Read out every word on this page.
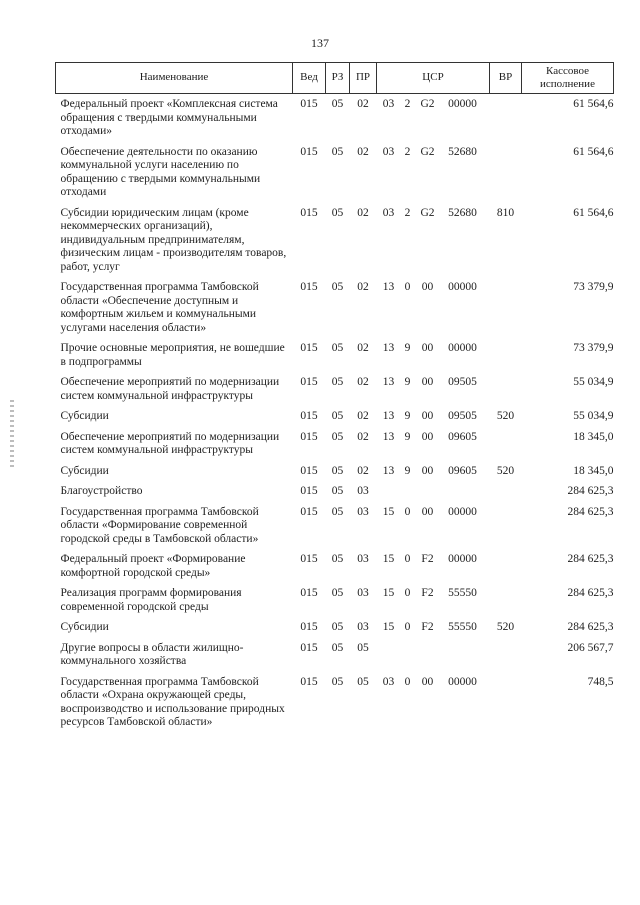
137
Наименование	Вед	РЗ	ПР	ЦСР	ВР	Кассовое исполнение
Федеральный проект «Комплексная система обращения с твердыми коммунальными отходами»	015	05	02	03 2 G2 00000		61 564,6
Обеспечение деятельности по оказанию коммунальной услуги населению по обращению с твердыми коммунальными отходами	015	05	02	03 2 G2 52680		61 564,6
Субсидии юридическим лицам (кроме некоммерческих организаций), индивидуальным предпринимателям, физическим лицам - производителям товаров, работ, услуг	015	05	02	03 2 G2 52680	810	61 564,6
Государственная программа Тамбовской области «Обеспечение доступным и комфортным жильем и коммунальными услугами населения области»	015	05	02	13 0 00 00000		73 379,9
Прочие основные мероприятия, не вошедшие в подпрограммы	015	05	02	13 9 00 00000		73 379,9
Обеспечение мероприятий по модернизации систем коммунальной инфраструктуры	015	05	02	13 9 00 09505		55 034,9
Субсидии	015	05	02	13 9 00 09505	520	55 034,9
Обеспечение мероприятий по модернизации систем коммунальной инфраструктуры	015	05	02	13 9 00 09605		18 345,0
Субсидии	015	05	02	13 9 00 09605	520	18 345,0
Благоустройство	015	05	03			284 625,3
Государственная программа Тамбовской области «Формирование современной городской среды в Тамбовской области»	015	05	03	15 0 00 00000		284 625,3
Федеральный проект «Формирование комфортной городской среды»	015	05	03	15 0 F2 00000		284 625,3
Реализация программ формирования современной городской среды	015	05	03	15 0 F2 55550		284 625,3
Субсидии	015	05	03	15 0 F2 55550	520	284 625,3
Другие вопросы в области жилищно-коммунального хозяйства	015	05	05			206 567,7
Государственная программа Тамбовской области «Охрана окружающей среды, воспроизводство и использование природных ресурсов Тамбовской области»	015	05	05	03 0 00 00000		748,5
